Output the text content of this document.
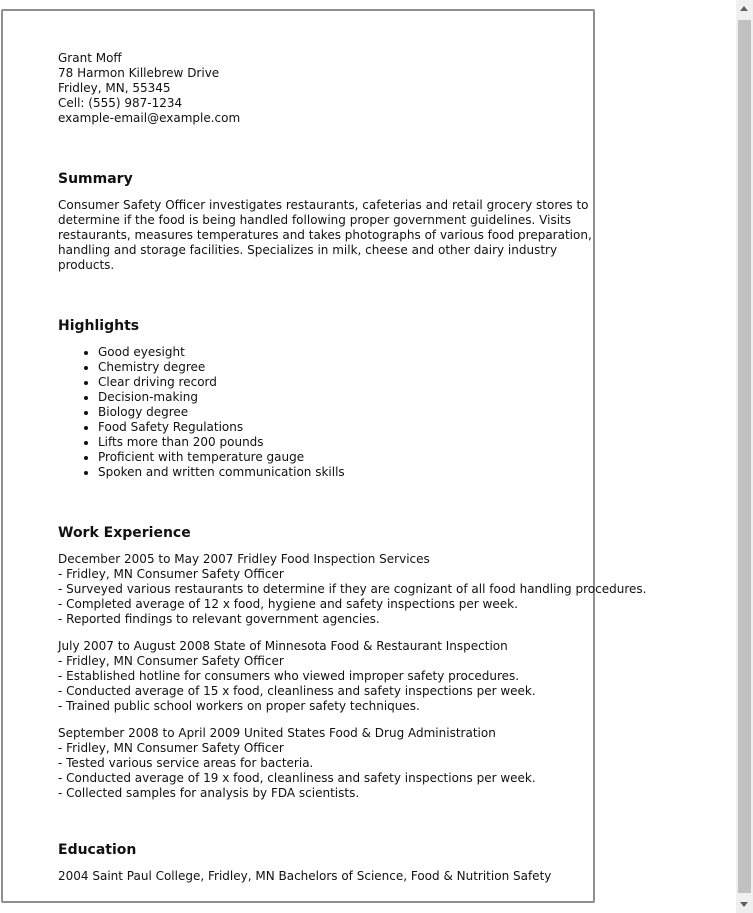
Grant Moff
78 Harmon Killebrew Drive
Fridley, MN, 55345
Cell: (555) 987-1234
example-email@example.com
Summary
Consumer Safety Officer investigates restaurants, cafeterias and retail grocery stores to determine if the food is being handled following proper government guidelines. Visits restaurants, measures temperatures and takes photographs of various food preparation, handling and storage facilities. Specializes in milk, cheese and other dairy industry products.
Highlights
• Good eyesight
• Chemistry degree
• Clear driving record
• Decision-making
• Biology degree
• Food Safety Regulations
• Lifts more than 200 pounds
• Proficient with temperature gauge
• Spoken and written communication skills
Work Experience
December 2005 to May 2007 Fridley Food Inspection Services
- Fridley, MN Consumer Safety Officer
- Surveyed various restaurants to determine if they are cognizant of all food handling procedures.
- Completed average of 12 x food, hygiene and safety inspections per week.
- Reported findings to relevant government agencies.
July 2007 to August 2008 State of Minnesota Food & Restaurant Inspection
- Fridley, MN Consumer Safety Officer
- Established hotline for consumers who viewed improper safety procedures.
- Conducted average of 15 x food, cleanliness and safety inspections per week.
- Trained public school workers on proper safety techniques.
September 2008 to April 2009 United States Food & Drug Administration
- Fridley, MN Consumer Safety Officer
- Tested various service areas for bacteria.
- Conducted average of 19 x food, cleanliness and safety inspections per week.
- Collected samples for analysis by FDA scientists.
Education
2004 Saint Paul College, Fridley, MN Bachelors of Science, Food & Nutrition Safety
